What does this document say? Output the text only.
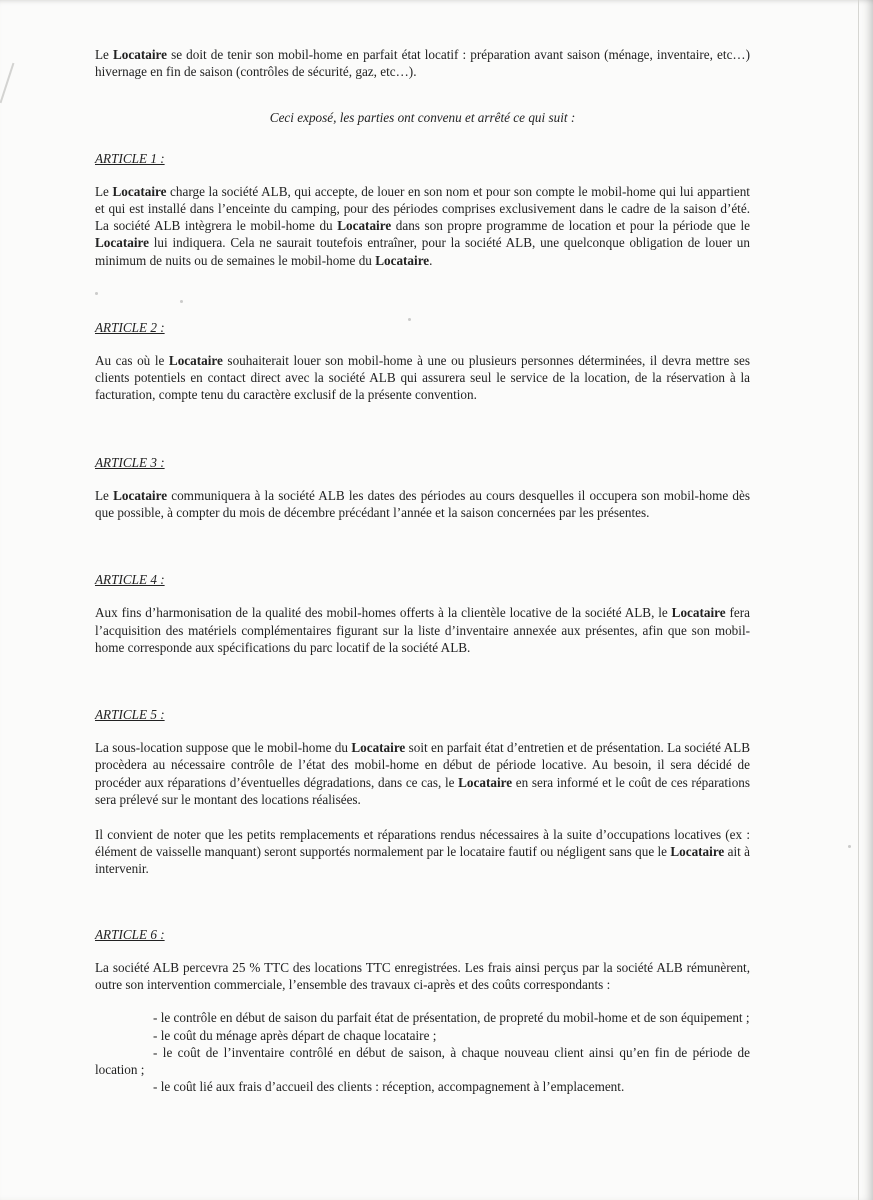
Le Locataire se doit de tenir son mobil-home en parfait état locatif : préparation avant saison (ménage, inventaire, etc…) hivernage en fin de saison (contrôles de sécurité, gaz, etc…).

Ceci exposé, les parties ont convenu et arrêté ce qui suit :

ARTICLE 1 :

Le Locataire charge la société ALB, qui accepte, de louer en son nom et pour son compte le mobil-home qui lui appartient et qui est installé dans l’enceinte du camping, pour des périodes comprises exclusivement dans le cadre de la saison d’été. La société ALB intègrera le mobil-home du Locataire dans son propre programme de location et pour la période que le Locataire lui indiquera. Cela ne saurait toutefois entraîner, pour la société ALB, une quelconque obligation de louer un minimum de nuits ou de semaines le mobil-home du Locataire.

ARTICLE 2 :

Au cas où le Locataire souhaiterait louer son mobil-home à une ou plusieurs personnes déterminées, il devra mettre ses clients potentiels en contact direct avec la société ALB qui assurera seul le service de la location, de la réservation à la facturation, compte tenu du caractère exclusif de la présente convention.

ARTICLE 3 :

Le Locataire communiquera à la société ALB les dates des périodes au cours desquelles il occupera son mobil-home dès que possible, à compter du mois de décembre précédant l’année et la saison concernées par les présentes.

ARTICLE 4 :

Aux fins d’harmonisation de la qualité des mobil-homes offerts à la clientèle locative de la société ALB, le Locataire fera l’acquisition des matériels complémentaires figurant sur la liste d’inventaire annexée aux présentes, afin que son mobil-home corresponde aux spécifications du parc locatif de la société ALB.

ARTICLE 5 :

La sous-location suppose que le mobil-home du Locataire soit en parfait état d’entretien et de présentation. La société ALB procèdera au nécessaire contrôle de l’état des mobil-home en début de période locative. Au besoin, il sera décidé de procéder aux réparations d’éventuelles dégradations, dans ce cas, le Locataire en sera informé et le coût de ces réparations sera prélevé sur le montant des locations réalisées.

Il convient de noter que les petits remplacements et réparations rendus nécessaires à la suite d’occupations locatives (ex : élément de vaisselle manquant) seront supportés normalement par le locataire fautif ou négligent sans que le Locataire ait à intervenir.

ARTICLE 6 :

La société ALB percevra 25 % TTC des locations TTC enregistrées. Les frais ainsi perçus par la société ALB rémunèrent, outre son intervention commerciale, l’ensemble des travaux ci-après et des coûts correspondants :

- le contrôle en début de saison du parfait état de présentation, de propreté du mobil-home et de son équipement ;
- le coût du ménage après départ de chaque locataire ;
- le coût de l’inventaire contrôlé en début de saison, à chaque nouveau client ainsi qu’en fin de période de location ;
- le coût lié aux frais d’accueil des clients : réception, accompagnement à l’emplacement.
